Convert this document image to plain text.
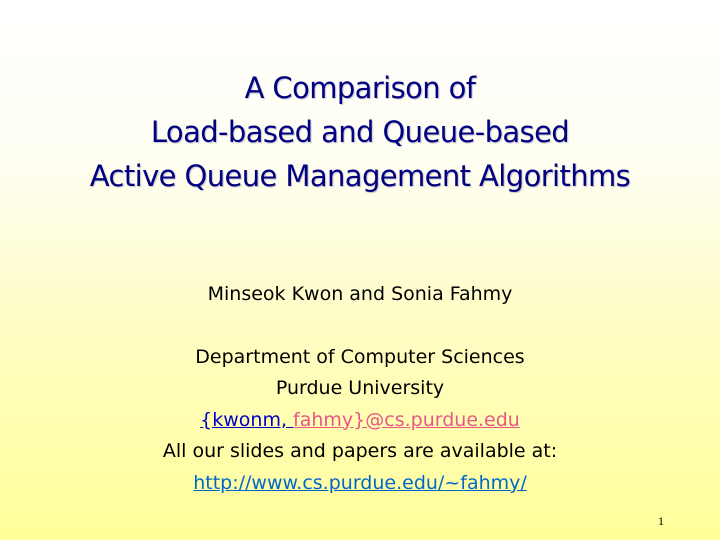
A Comparison of
Load-based and Queue-based
Active Queue Management Algorithms
Minseok Kwon and Sonia Fahmy
Department of Computer Sciences
Purdue University
{kwonm, fahmy}@cs.purdue.edu
All our slides and papers are available at:
http://www.cs.purdue.edu/~fahmy/
1
